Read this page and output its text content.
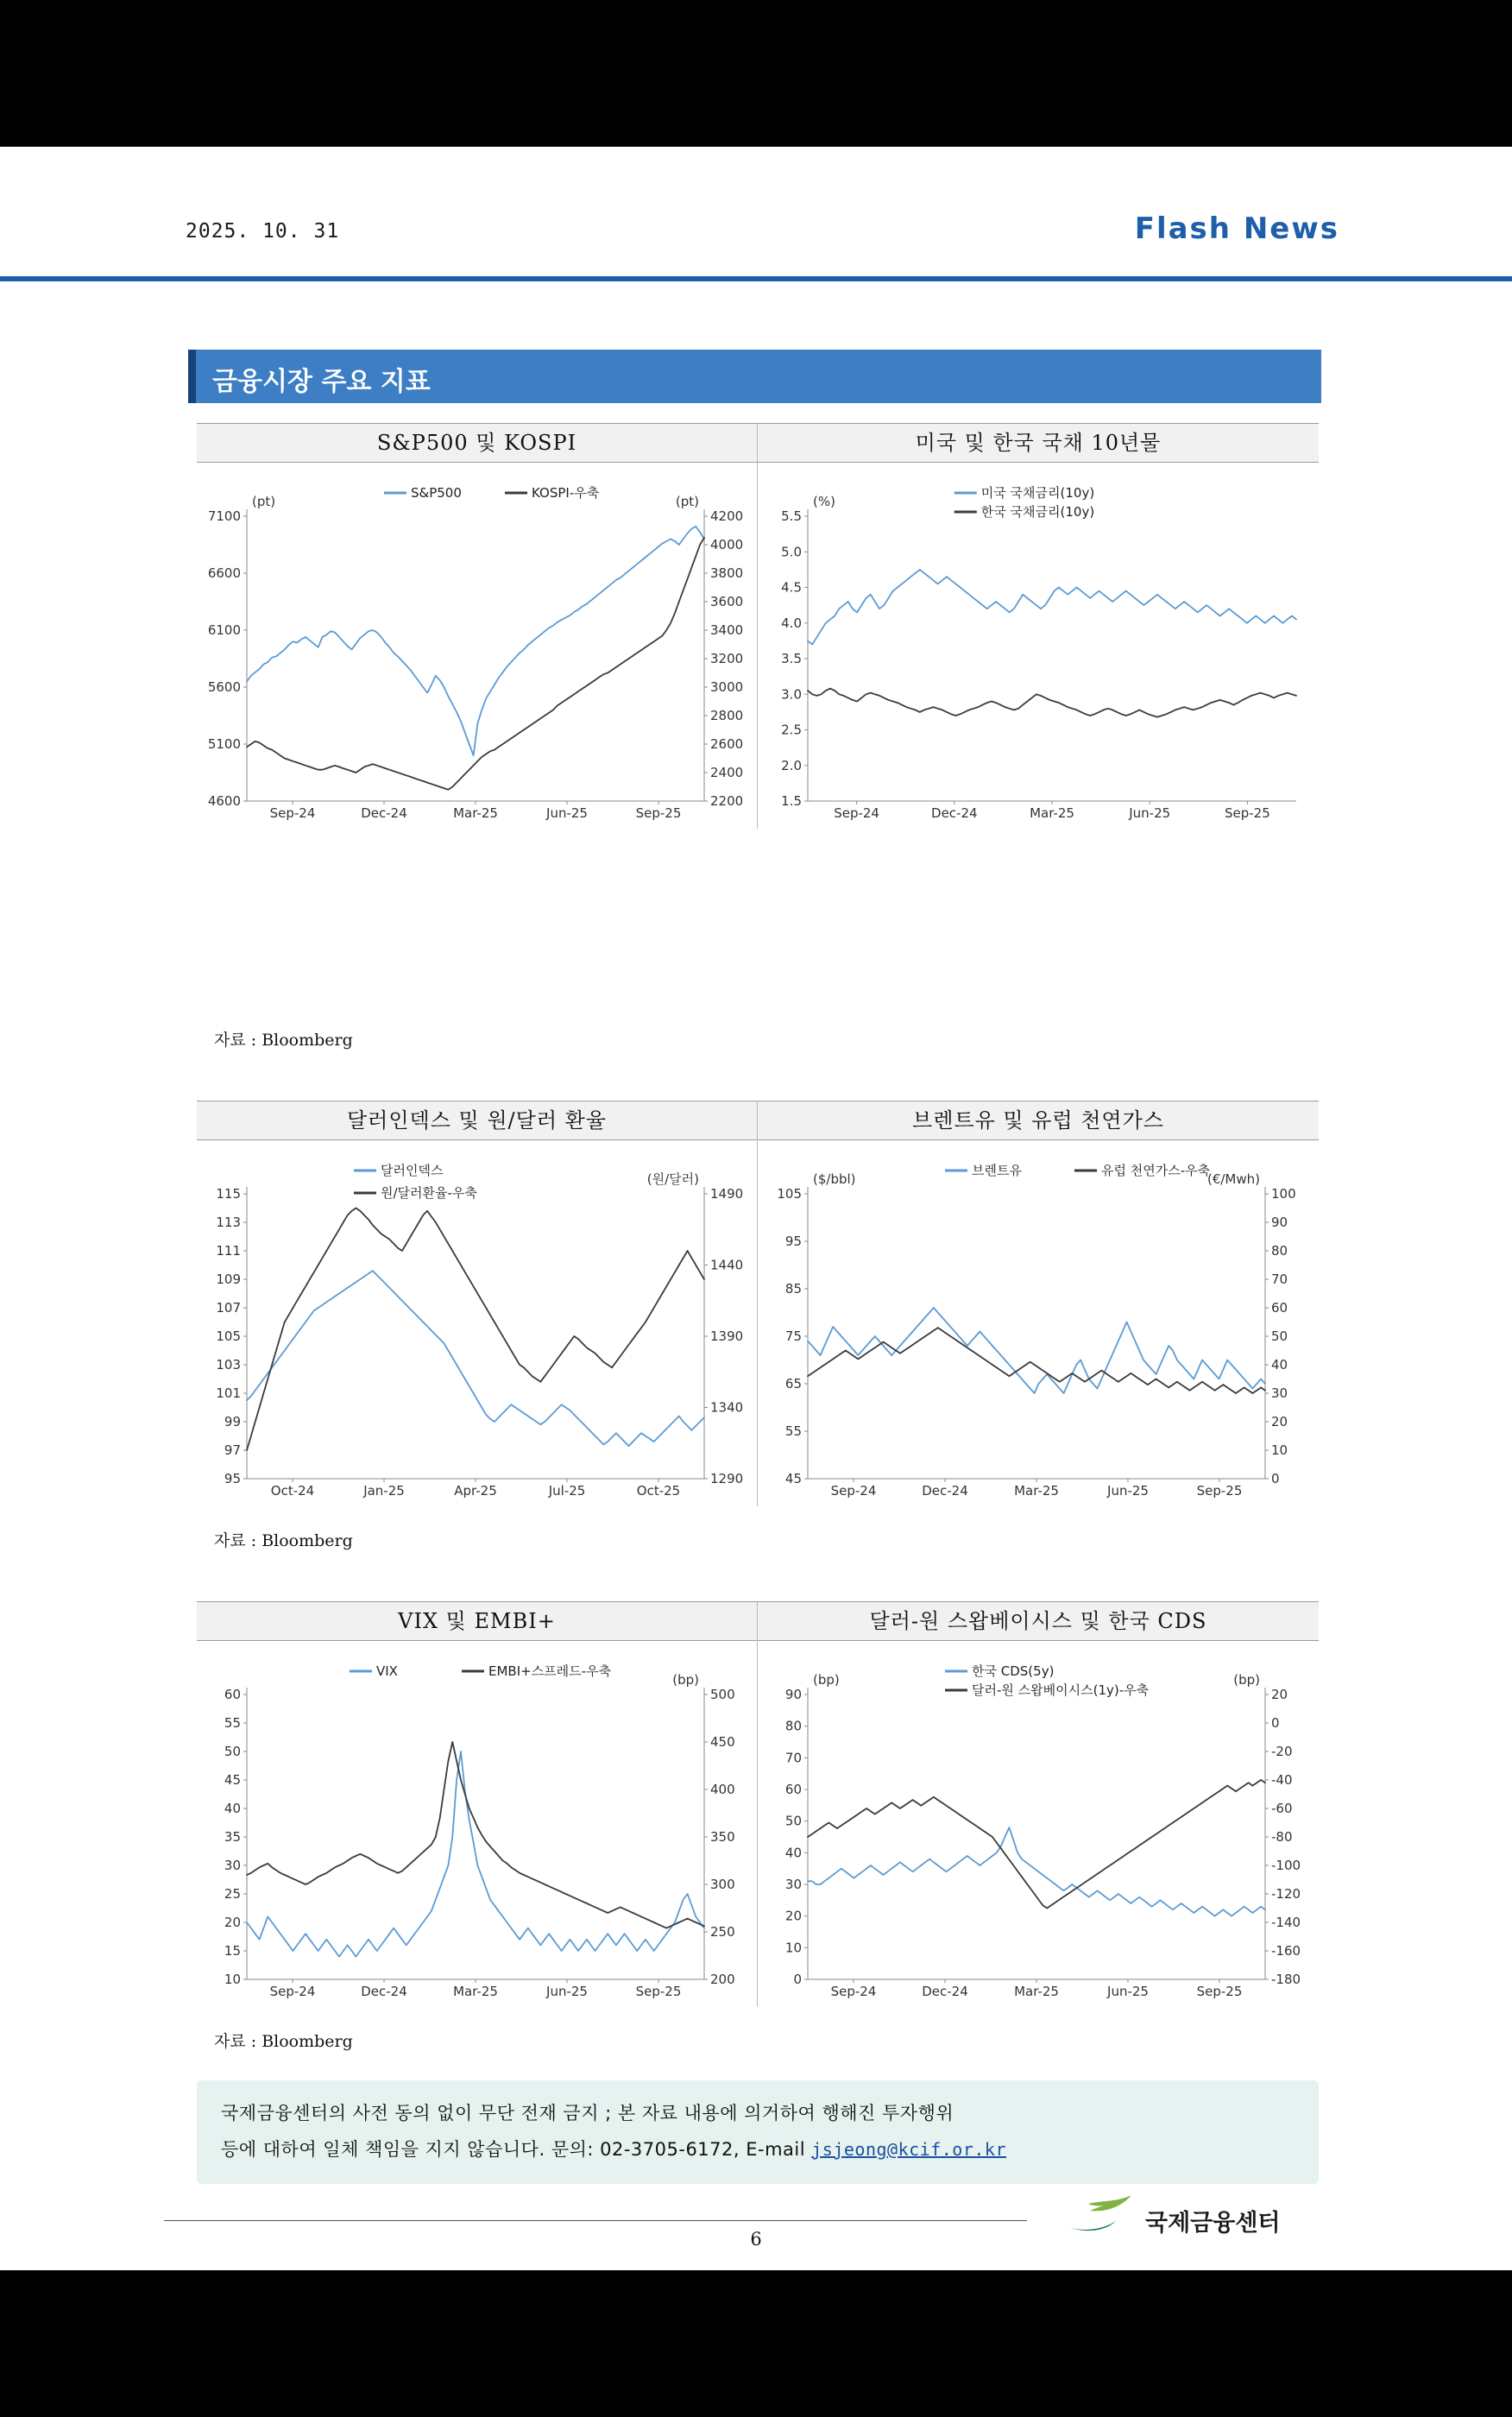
2025. 10. 31	Flash News
금융시장 주요 지표
S&P500 및 KOSPI
7100
6600
6100
5600
5100
4600
4200
4000
3800
3600
3400
3200
3000
2800
2600
2400
2200
Sep-24	Dec-24	Mar-25	Jun-25	Sep-25
(pt)	(pt)
S&P500	KOSPI-우축
미국 및 한국 국채 10년물
5.5
5.0
4.5
4.0
3.5
3.0
2.5
2.0
1.5
Sep-24	Dec-24	Mar-25	Jun-25	Sep-25
(%)
미국 국채금리(10y)
한국 국채금리(10y)
자료 : Bloomberg
달러인덱스 및 원/달러 환율
115
113
111
109
107
105
103
101
99
97
95
1490
1440
1390
1340
1290
Oct-24	Jan-25	Apr-25	Jul-25	Oct-25
(원/달러)
달러인덱스
원/달러환율-우축
브렌트유 및 유럽 천연가스
105
95
85
75
65
55
45
100
90
80
70
60
50
40
30
20
10
0
Sep-24	Dec-24	Mar-25	Jun-25	Sep-25
($/bbl)	(€/Mwh)
브렌트유	유럽 천연가스-우축
자료 : Bloomberg
VIX 및 EMBI+
60
55
50
45
40
35
30
25
20
15
10
500
450
400
350
300
250
200
Sep-24	Dec-24	Mar-25	Jun-25	Sep-25
(bp)
VIX	EMBI+스프레드-우축
달러-원 스왑베이시스 및 한국 CDS
90
80
70
60
50
40
30
20
10
0
20
0
-20
-40
-60
-80
-100
-120
-140
-160
-180
Sep-24	Dec-24	Mar-25	Jun-25	Sep-25
(bp)	(bp)
한국 CDS(5y)
달러-원 스왑베이시스(1y)-우축
자료 : Bloomberg
국제금융센터의 사전 동의 없이 무단 전재 금지 ; 본 자료 내용에 의거하여 행해진 투자행위
등에 대하여 일체 책임을 지지 않습니다. 문의: 02-3705-6172, E-mail jsjeong@kcif.or.kr
6
국제금융센터
